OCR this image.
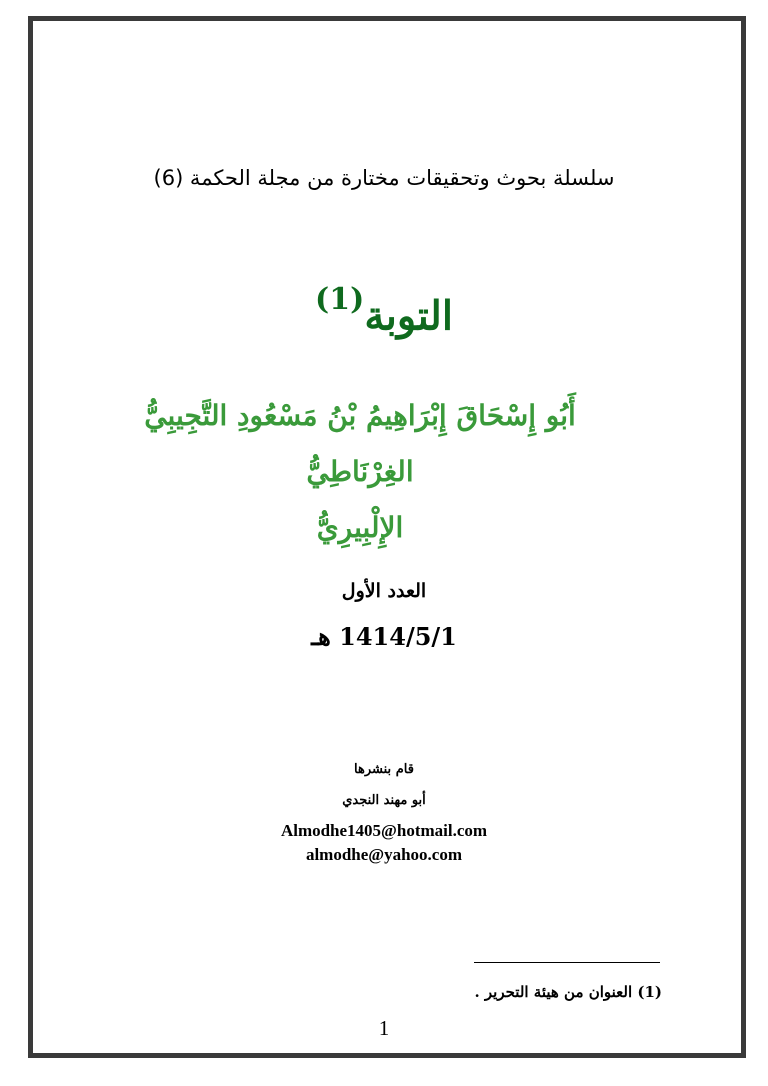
سلسلة بحوث وتحقيقات مختارة من مجلة الحكمة (6)
التوبة$^{(1)}$
أَبُو إِسْحَاقَ إِبْرَاهِيمُ بْنُ مَسْعُودِ التَّجِيبِيُّ الغِرْنَاطِيُّ
الإِلْبِيرِيُّ
العدد الأول
1414/5/1 هـ
قام بنشرها
أبو مهند النجدي
Almodhe1405@hotmail.com
almodhe@yahoo.com
(1) العنوان من هيئة التحرير .
1
